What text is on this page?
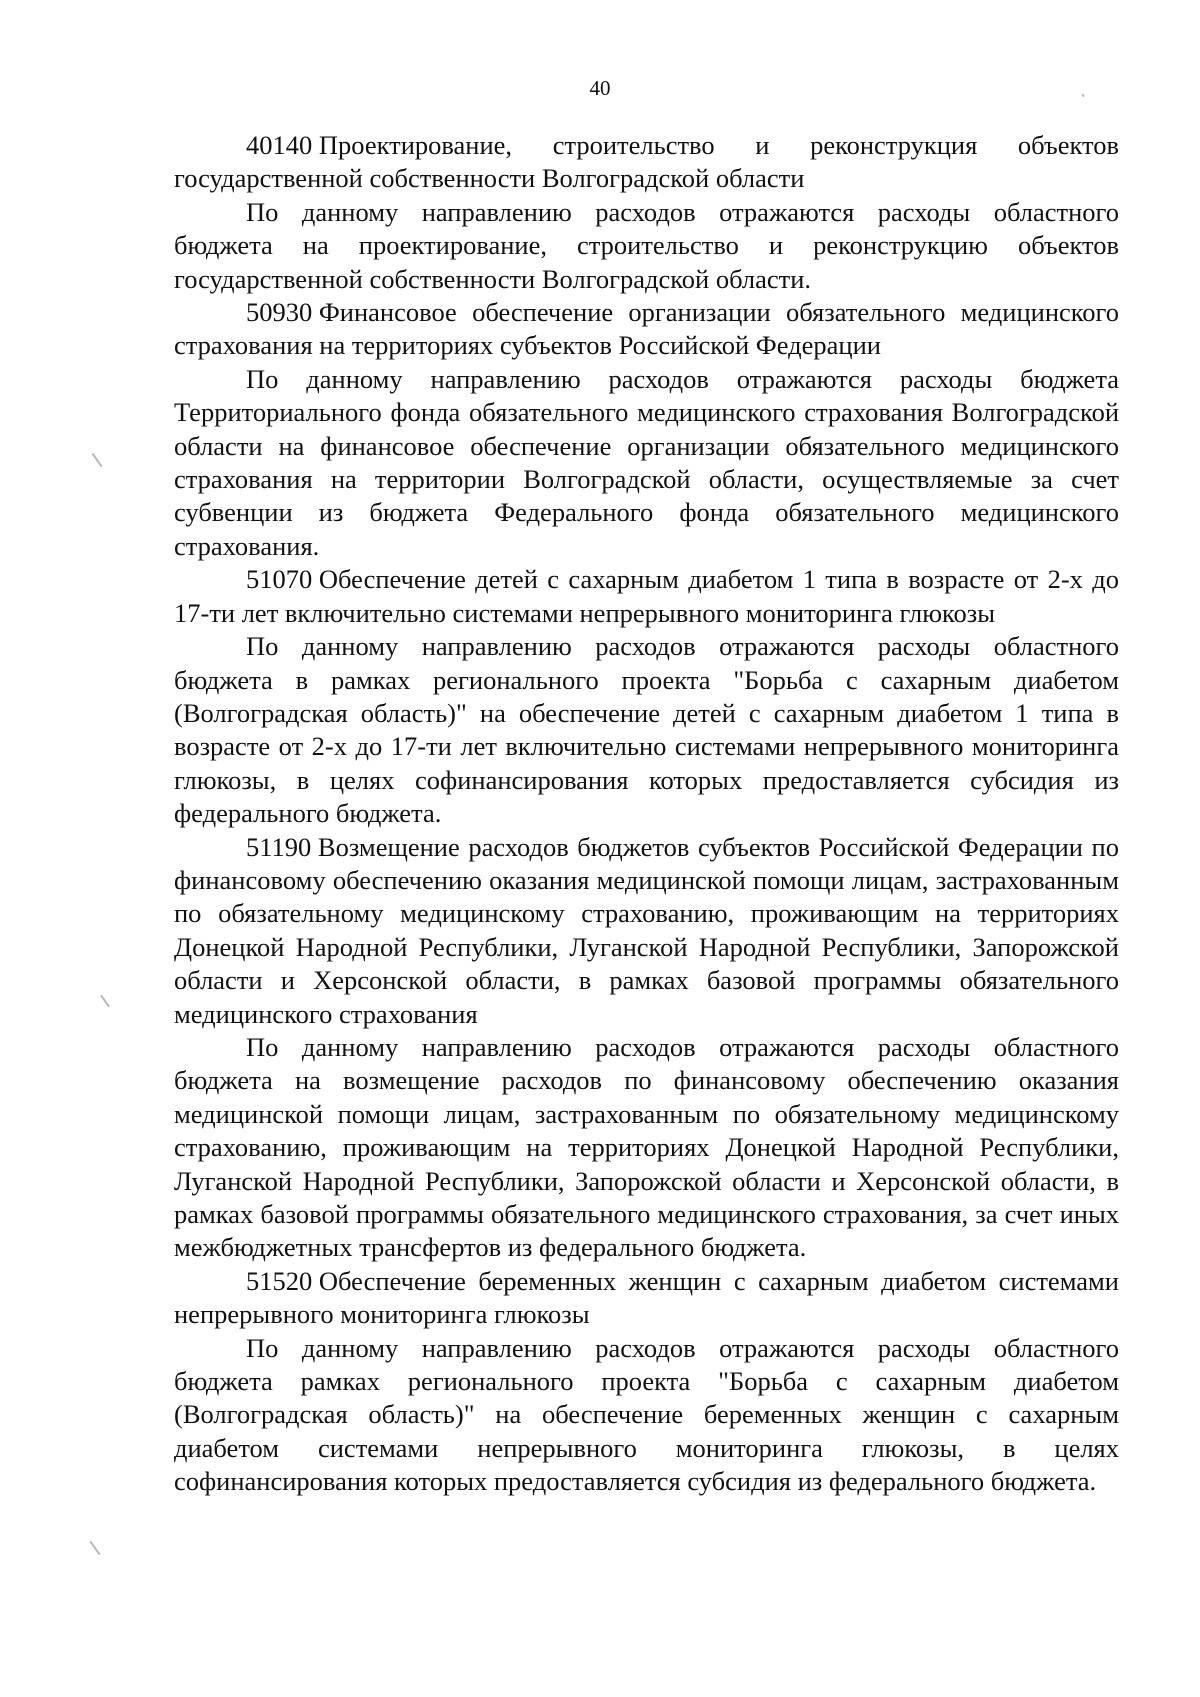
40

40140 Проектирование, строительство и реконструкция объектов государственной собственности Волгоградской области

По данному направлению расходов отражаются расходы областного бюджета на проектирование, строительство и реконструкцию объектов государственной собственности Волгоградской области.

50930 Финансовое обеспечение организации обязательного медицинского страхования на территориях субъектов Российской Федерации

По данному направлению расходов отражаются расходы бюджета Территориального фонда обязательного медицинского страхования Волгоградской области на финансовое обеспечение организации обязательного медицинского страхования на территории Волгоградской области, осуществляемые за счет субвенции из бюджета Федерального фонда обязательного медицинского страхования.

51070 Обеспечение детей с сахарным диабетом 1 типа в возрасте от 2-х до 17-ти лет включительно системами непрерывного мониторинга глюкозы

По данному направлению расходов отражаются расходы областного бюджета в рамках регионального проекта "Борьба с сахарным диабетом (Волгоградская область)" на обеспечение детей с сахарным диабетом 1 типа в возрасте от 2-х до 17-ти лет включительно системами непрерывного мониторинга глюкозы, в целях софинансирования которых предоставляется субсидия из федерального бюджета.

51190 Возмещение расходов бюджетов субъектов Российской Федерации по финансовому обеспечению оказания медицинской помощи лицам, застрахованным по обязательному медицинскому страхованию, проживающим на территориях Донецкой Народной Республики, Луганской Народной Республики, Запорожской области и Херсонской области, в рамках базовой программы обязательного медицинского страхования

По данному направлению расходов отражаются расходы областного бюджета на возмещение расходов по финансовому обеспечению оказания медицинской помощи лицам, застрахованным по обязательному медицинскому страхованию, проживающим на территориях Донецкой Народной Республики, Луганской Народной Республики, Запорожской области и Херсонской области, в рамках базовой программы обязательного медицинского страхования, за счет иных межбюджетных трансфертов из федерального бюджета.

51520 Обеспечение беременных женщин с сахарным диабетом системами непрерывного мониторинга глюкозы

По данному направлению расходов отражаются расходы областного бюджета рамках регионального проекта "Борьба с сахарным диабетом (Волгоградская область)" на обеспечение беременных женщин с сахарным диабетом системами непрерывного мониторинга глюкозы, в целях софинансирования которых предоставляется субсидия из федерального бюджета.
